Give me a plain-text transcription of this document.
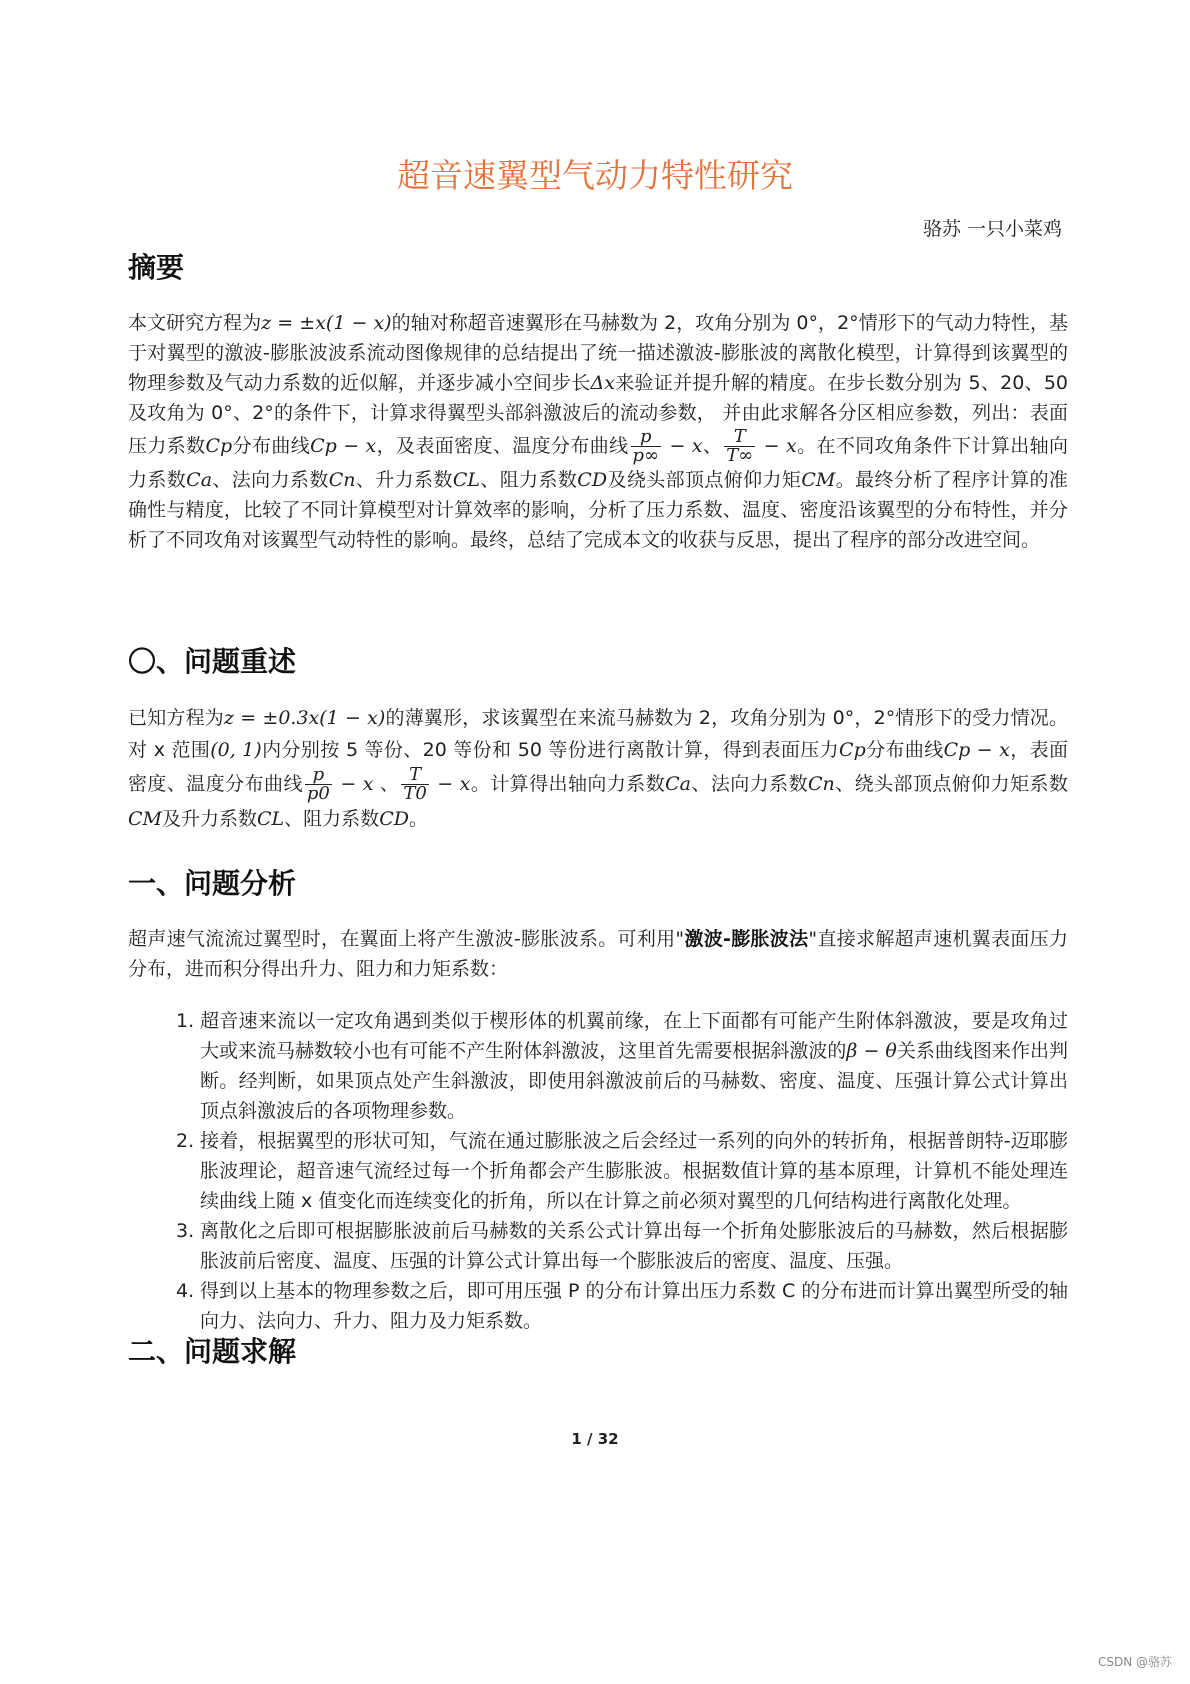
超音速翼型气动力特性研究

骆苏 一只小菜鸡

摘要

本文研究方程为z = ±x(1 − x)的轴对称超音速翼形在马赫数为 2，攻角分别为 0°，2°情形下的气动力特性，基于对翼型的激波-膨胀波波系流动图像规律的总结提出了统一描述激波-膨胀波的离散化模型，计算得到该翼型的物理参数及气动力系数的近似解，并逐步减小空间步长Δx来验证并提升解的精度。在步长数分别为 5、20、50 及攻角为 0°、2°的条件下，计算求得翼型头部斜激波后的流动参数， 并由此求解各分区相应参数，列出：表面压力系数Cp分布曲线Cp − x，及表面密度、温度分布曲线 $\frac{p}{p\infty} - x$、 $\frac{T}{T\infty} - x$。在不同攻角条件下计算出轴向力系数Ca、法向力系数Cn、升力系数CL、阻力系数CD及绕头部顶点俯仰力矩CM。最终分析了程序计算的准确性与精度，比较了不同计算模型对计算效率的影响，分析了压力系数、温度、密度沿该翼型的分布特性，并分析了不同攻角对该翼型气动特性的影响。最终，总结了完成本文的收获与反思，提出了程序的部分改进空间。

〇、问题重述

已知方程为z = ±0.3x(1 − x)的薄翼形，求该翼型在来流马赫数为 2，攻角分别为 0°，2°情形下的受力情况。对 x 范围(0, 1)内分别按 5 等份、20 等份和 50 等份进行离散计算，得到表面压力Cp分布曲线Cp − x，表面密度、温度分布曲线 $\frac{p}{p0} - x$ 、 $\frac{T}{T0} - x$。计算得出轴向力系数Ca、法向力系数Cn、绕头部顶点俯仰力矩系数CM及升力系数CL、阻力系数CD。

一、问题分析

超声速气流流过翼型时，在翼面上将产生激波-膨胀波系。可利用"激波-膨胀波法"直接求解超声速机翼表面压力分布，进而积分得出升力、阻力和力矩系数：

1. 超音速来流以一定攻角遇到类似于楔形体的机翼前缘，在上下面都有可能产生附体斜激波，要是攻角过大或来流马赫数较小也有可能不产生附体斜激波，这里首先需要根据斜激波的β − θ关系曲线图来作出判断。经判断，如果顶点处产生斜激波，即使用斜激波前后的马赫数、密度、温度、压强计算公式计算出顶点斜激波后的各项物理参数。
2. 接着，根据翼型的形状可知，气流在通过膨胀波之后会经过一系列的向外的转折角，根据普朗特-迈耶膨胀波理论，超音速气流经过每一个折角都会产生膨胀波。根据数值计算的基本原理，计算机不能处理连续曲线上随 x 值变化而连续变化的折角，所以在计算之前必须对翼型的几何结构进行离散化处理。
3. 离散化之后即可根据膨胀波前后马赫数的关系公式计算出每一个折角处膨胀波后的马赫数，然后根据膨胀波前后密度、温度、压强的计算公式计算出每一个膨胀波后的密度、温度、压强。
4. 得到以上基本的物理参数之后，即可用压强 P 的分布计算出压力系数 C 的分布进而计算出翼型所受的轴向力、法向力、升力、阻力及力矩系数。
二、问题求解
1 / 32
CSDN @骆苏
